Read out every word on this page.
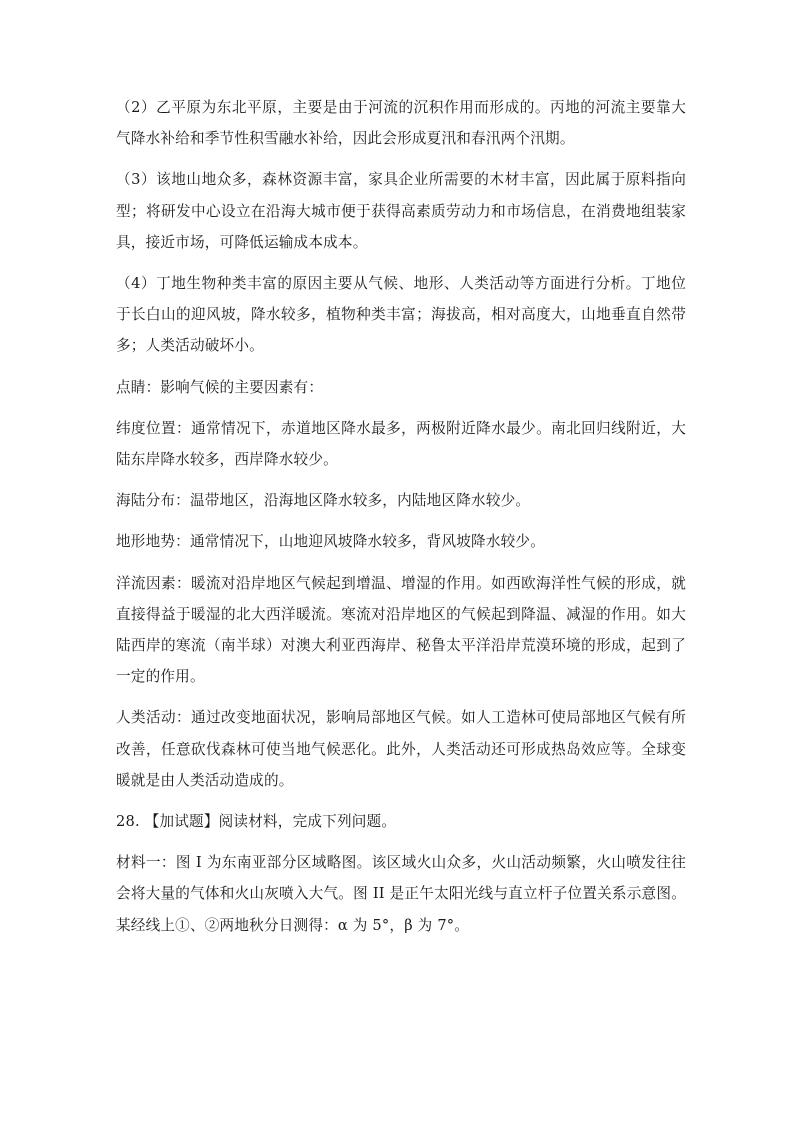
（2）乙平原为东北平原，主要是由于河流的沉积作用而形成的。丙地的河流主要靠大气降水补给和季节性积雪融水补给，因此会形成夏汛和春汛两个汛期。

（3）该地山地众多，森林资源丰富，家具企业所需要的木材丰富，因此属于原料指向型；将研发中心设立在沿海大城市便于获得高素质劳动力和市场信息，在消费地组装家具，接近市场，可降低运输成本成本。

（4）丁地生物种类丰富的原因主要从气候、地形、人类活动等方面进行分析。丁地位于长白山的迎风坡，降水较多，植物种类丰富；海拔高，相对高度大，山地垂直自然带多；人类活动破坏小。

点睛：影响气候的主要因素有：

纬度位置：通常情况下，赤道地区降水最多，两极附近降水最少。南北回归线附近，大陆东岸降水较多，西岸降水较少。

海陆分布：温带地区，沿海地区降水较多，内陆地区降水较少。

地形地势：通常情况下，山地迎风坡降水较多，背风坡降水较少。

洋流因素：暖流对沿岸地区气候起到增温、增湿的作用。如西欧海洋性气候的形成，就直接得益于暖湿的北大西洋暖流。寒流对沿岸地区的气候起到降温、减湿的作用。如大陆西岸的寒流（南半球）对澳大利亚西海岸、秘鲁太平洋沿岸荒漠环境的形成，起到了一定的作用。

人类活动：通过改变地面状况，影响局部地区气候。如人工造林可使局部地区气候有所改善，任意砍伐森林可使当地气候恶化。此外，人类活动还可形成热岛效应等。全球变暖就是由人类活动造成的。

28. 【加试题】阅读材料，完成下列问题。

材料一：图 I 为东南亚部分区域略图。该区域火山众多，火山活动频繁，火山喷发往往会将大量的气体和火山灰喷入大气。图 II 是正午太阳光线与直立杆子位置关系示意图。某经线上①、②两地秋分日测得：α 为 5°，β 为 7°。
